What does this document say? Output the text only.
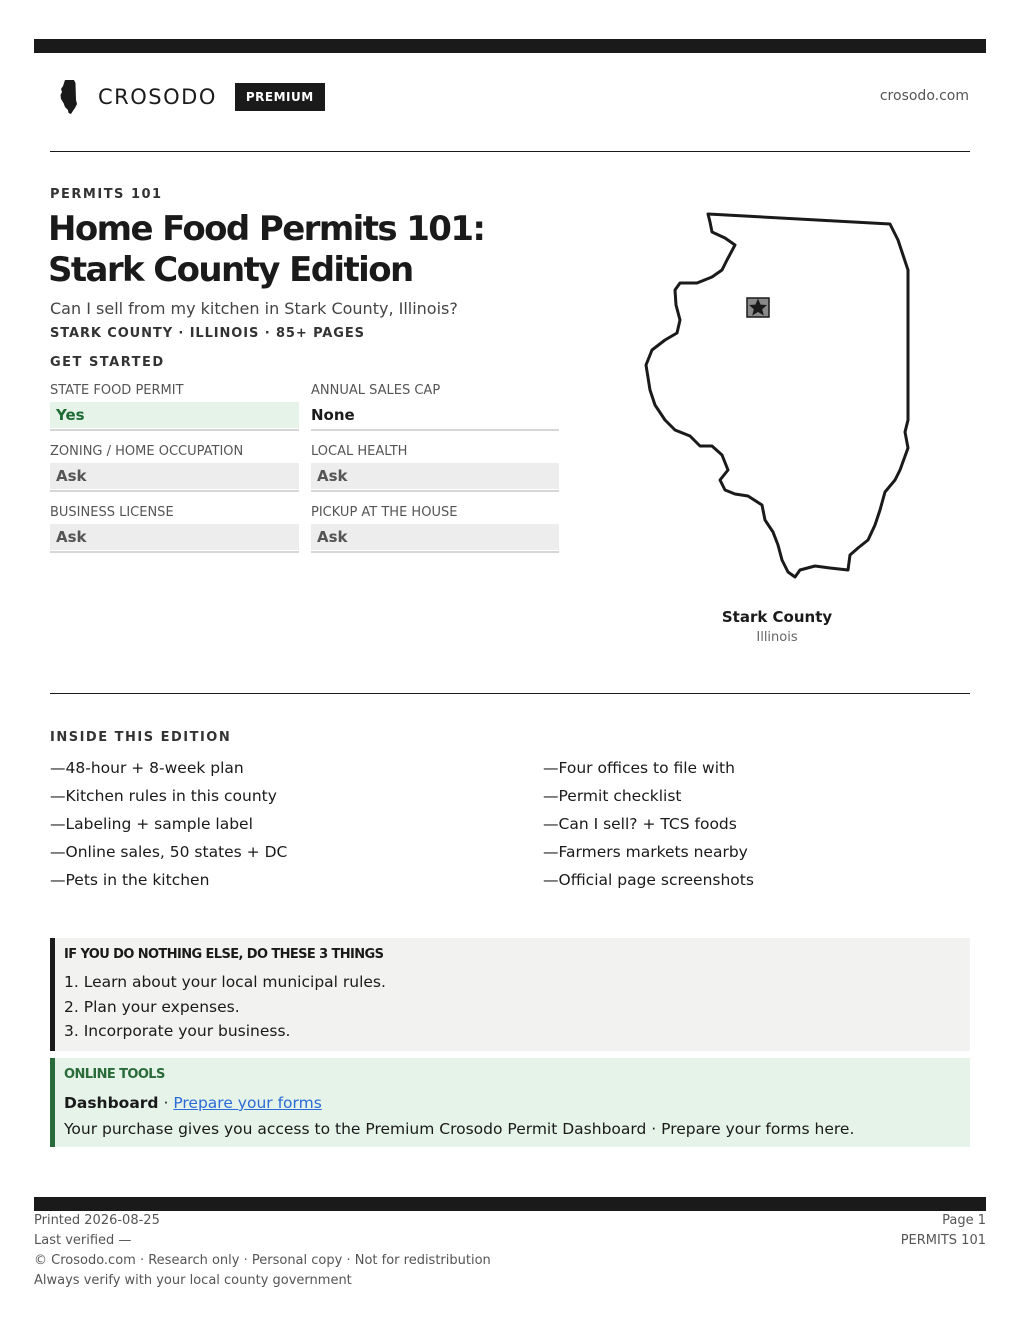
CROSODO	PREMIUM	crosodo.com
PERMITS 101
Home Food Permits 101: Stark County Edition
Can I sell from my kitchen in Stark County, Illinois?
STARK COUNTY · ILLINOIS · 85+ PAGES
GET STARTED
STATE FOOD PERMIT
Yes
ANNUAL SALES CAP
None
ZONING / HOME OCCUPATION
Ask
LOCAL HEALTH
Ask
BUSINESS LICENSE
Ask
PICKUP AT THE HOUSE
Ask
Stark County
Illinois
INSIDE THIS EDITION
—48-hour + 8-week plan
—Kitchen rules in this county
—Labeling + sample label
—Online sales, 50 states + DC
—Pets in the kitchen
—Four offices to file with
—Permit checklist
—Can I sell? + TCS foods
—Farmers markets nearby
—Official page screenshots
IF YOU DO NOTHING ELSE, DO THESE 3 THINGS
1. Learn about your local municipal rules.
2. Plan your expenses.
3. Incorporate your business.
ONLINE TOOLS
Dashboard · Prepare your forms
Your purchase gives you access to the Premium Crosodo Permit Dashboard · Prepare your forms here.
Printed 2026-08-25
Last verified —
© Crosodo.com · Research only · Personal copy · Not for redistribution
Always verify with your local county government
Page 1
PERMITS 101
